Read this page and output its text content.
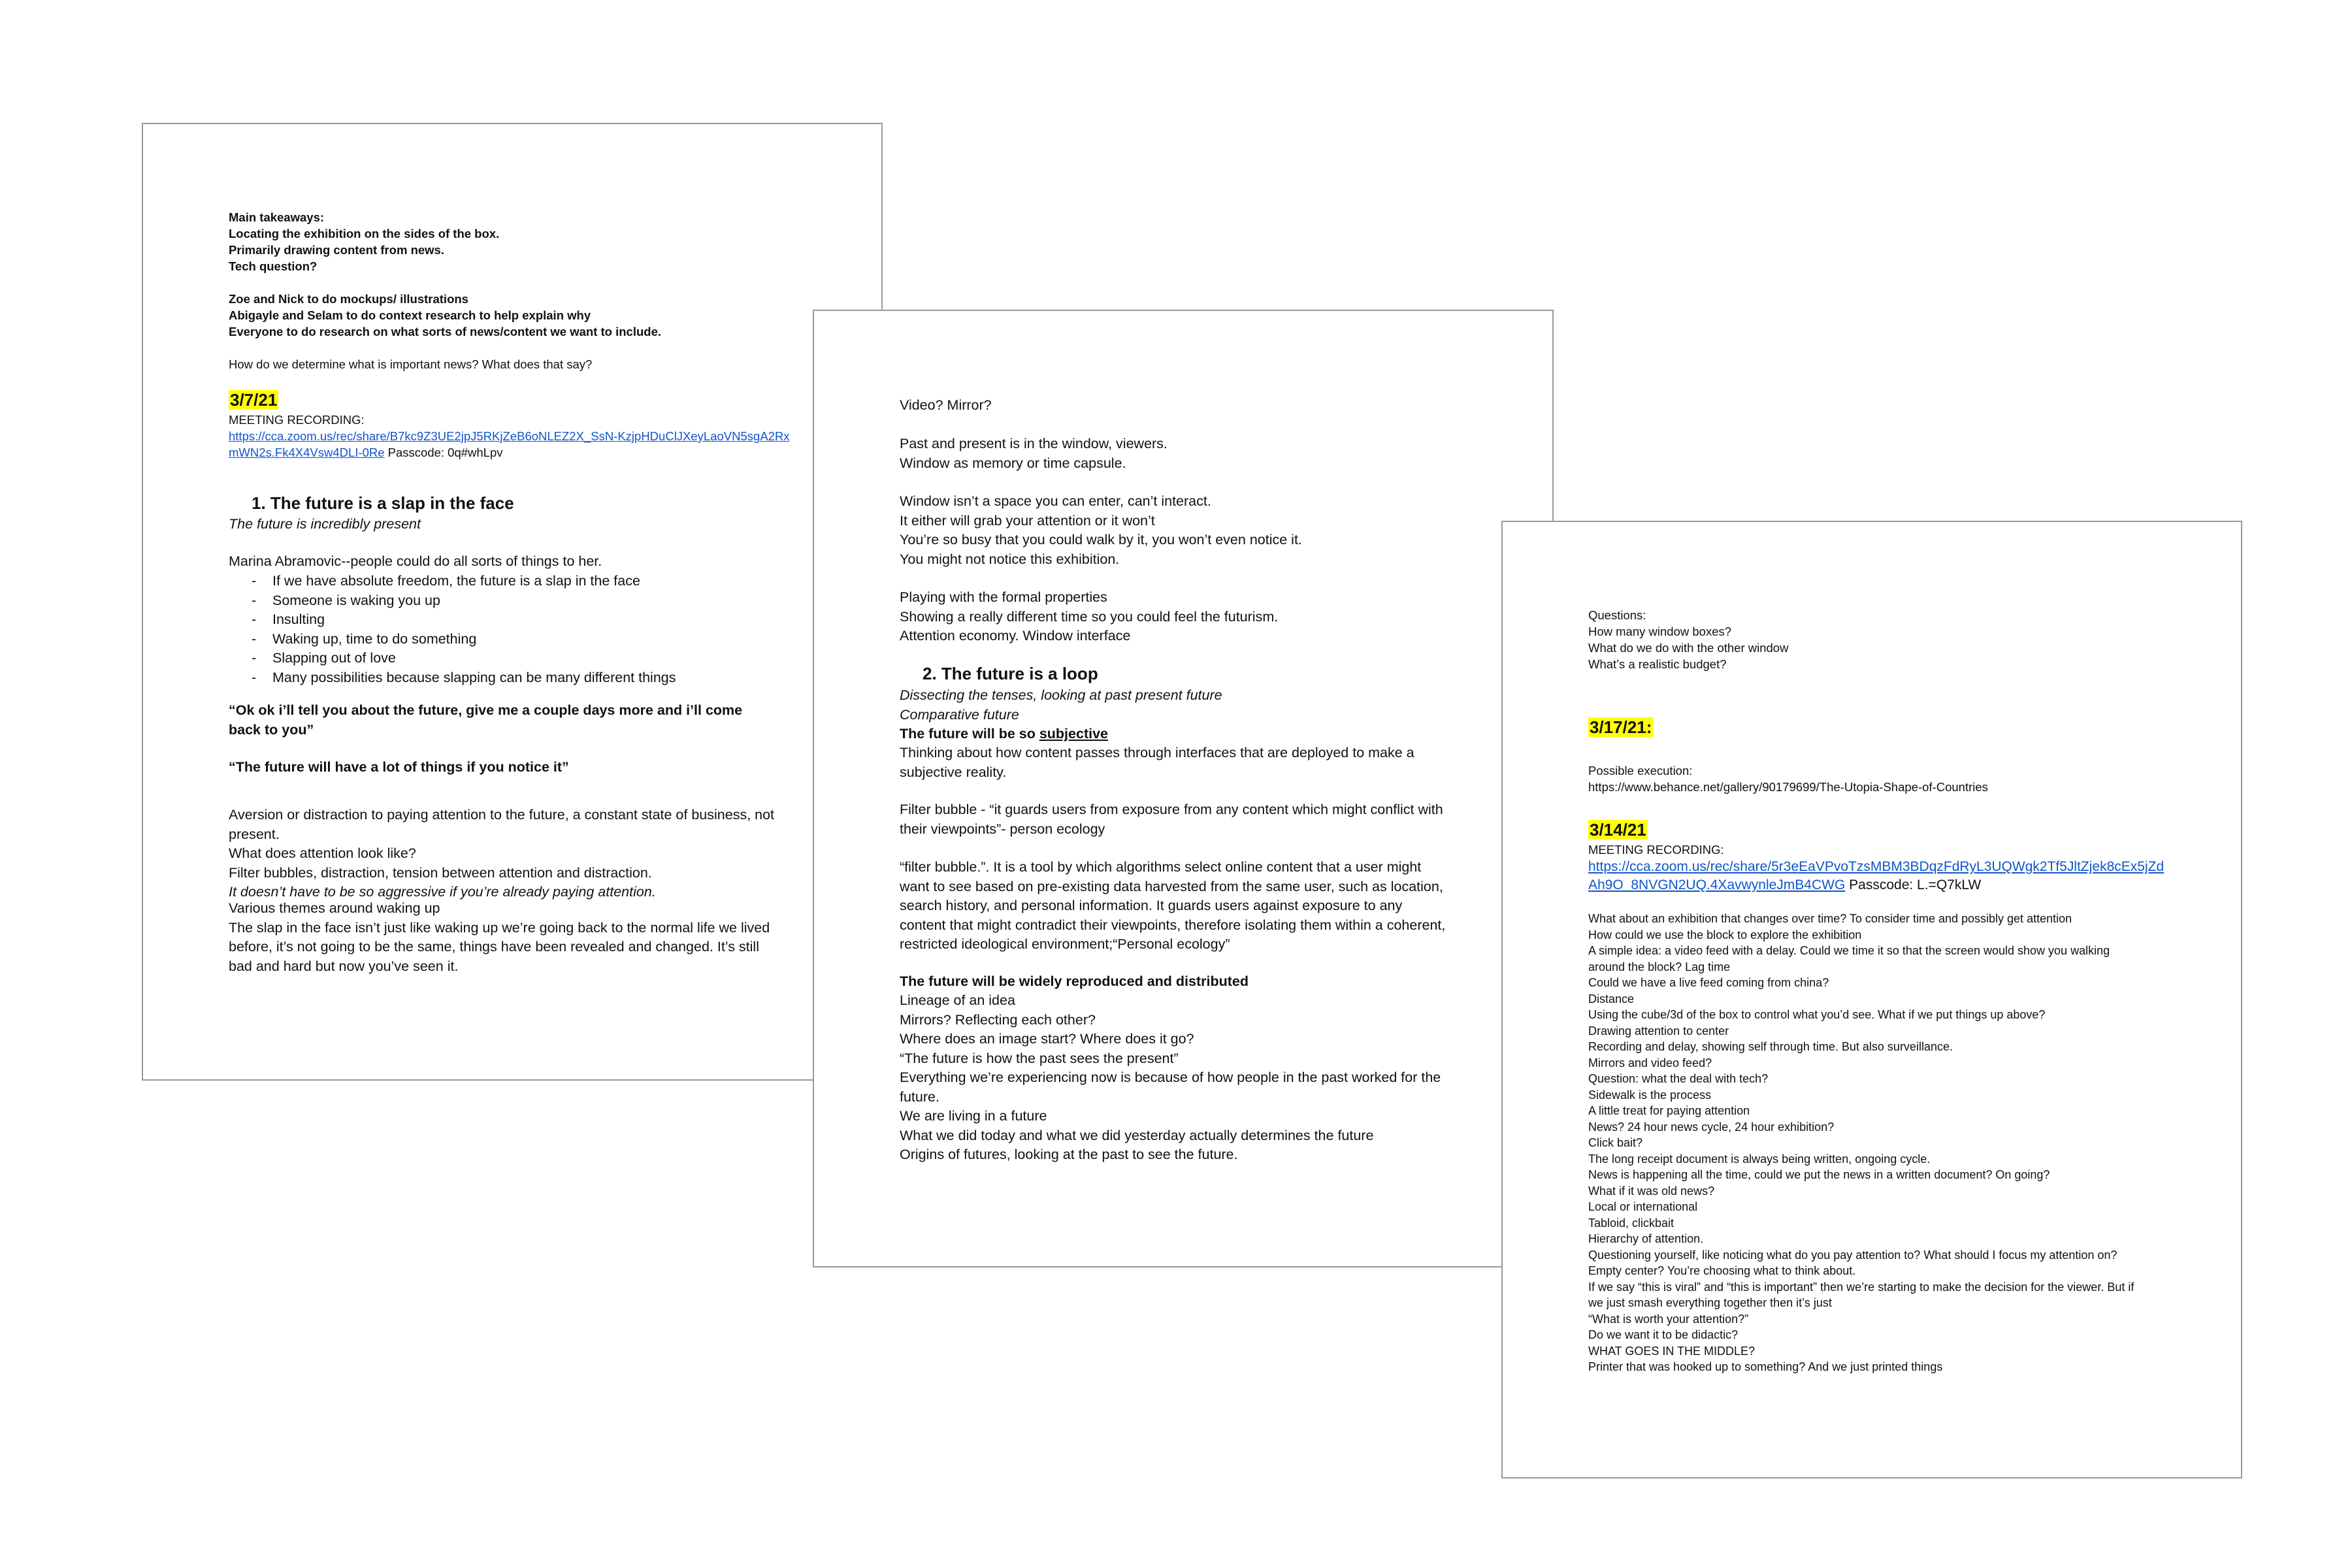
Main takeaways:
Locating the exhibition on the sides of the box.
Primarily drawing content from news.
Tech question?
Zoe and Nick to do mockups/ illustrations
Abigayle and Selam to do context research to help explain why
Everyone to do research on what sorts of news/content we want to include.
How do we determine what is important news? What does that say?
3/7/21
MEETING RECORDING:
https://cca.zoom.us/rec/share/B7kc9Z3UE2jpJ5RKjZeB6oNLEZ2X_SsN-KzjpHDuClJXeyLaoVN5sgA2Rx
mWN2s.Fk4X4Vsw4DLI-0Re Passcode: 0q#whLpv
1. The future is a slap in the face
The future is incredibly present
Marina Abramovic--people could do all sorts of things to her.
- If we have absolute freedom, the future is a slap in the face
- Someone is waking you up
- Insulting
- Waking up, time to do something
- Slapping out of love
- Many possibilities because slapping can be many different things
“Ok ok i’ll tell you about the future, give me a couple days more and i’ll come
back to you”
“The future will have a lot of things if you notice it”
Aversion or distraction to paying attention to the future, a constant state of business, not
present.
What does attention look like?
Filter bubbles, distraction, tension between attention and distraction.
It doesn’t have to be so aggressive if you’re already paying attention.
Various themes around waking up
The slap in the face isn’t just like waking up we’re going back to the normal life we lived
before, it’s not going to be the same, things have been revealed and changed. It’s still
bad and hard but now you’ve seen it.
Video? Mirror?
Past and present is in the window, viewers.
Window as memory or time capsule.
Window isn’t a space you can enter, can’t interact.
It either will grab your attention or it won’t
You’re so busy that you could walk by it, you won’t even notice it.
You might not notice this exhibition.
Playing with the formal properties
Showing a really different time so you could feel the futurism.
Attention economy. Window interface
2. The future is a loop
Dissecting the tenses, looking at past present future
Comparative future
The future will be so subjective
Thinking about how content passes through interfaces that are deployed to make a
subjective reality.
Filter bubble - “it guards users from exposure from any content which might conflict with
their viewpoints”- person ecology
“filter bubble.”. It is a tool by which algorithms select online content that a user might
want to see based on pre-existing data harvested from the same user, such as location,
search history, and personal information. It guards users against exposure to any
content that might contradict their viewpoints, therefore isolating them within a coherent,
restricted ideological environment;“Personal ecology”
The future will be widely reproduced and distributed
Lineage of an idea
Mirrors? Reflecting each other?
Where does an image start? Where does it go?
“The future is how the past sees the present”
Everything we’re experiencing now is because of how people in the past worked for the
future.
We are living in a future
What we did today and what we did yesterday actually determines the future
Origins of futures, looking at the past to see the future.
Questions:
How many window boxes?
What do we do with the other window
What’s a realistic budget?
3/17/21:
Possible execution:
https://www.behance.net/gallery/90179699/The-Utopia-Shape-of-Countries
3/14/21
MEETING RECORDING:
https://cca.zoom.us/rec/share/5r3eEaVPvoTzsMBM3BDqzFdRyL3UQWgk2Tf5JltZjek8cEx5jZd
Ah9O_8NVGN2UQ.4XavwynleJmB4CWG Passcode: L.=Q7kLW
What about an exhibition that changes over time? To consider time and possibly get attention
How could we use the block to explore the exhibition
A simple idea: a video feed with a delay. Could we time it so that the screen would show you walking
around the block? Lag time
Could we have a live feed coming from china?
Distance
Using the cube/3d of the box to control what you’d see. What if we put things up above?
Drawing attention to center
Recording and delay, showing self through time. But also surveillance.
Mirrors and video feed?
Question: what the deal with tech?
Sidewalk is the process
A little treat for paying attention
News? 24 hour news cycle, 24 hour exhibition?
Click bait?
The long receipt document is always being written, ongoing cycle.
News is happening all the time, could we put the news in a written document? On going?
What if it was old news?
Local or international
Tabloid, clickbait
Hierarchy of attention.
Questioning yourself, like noticing what do you pay attention to? What should I focus my attention on?
Empty center? You’re choosing what to think about.
If we say “this is viral” and “this is important” then we’re starting to make the decision for the viewer. But if
we just smash everything together then it’s just
“What is worth your attention?”
Do we want it to be didactic?
WHAT GOES IN THE MIDDLE?
Printer that was hooked up to something? And we just printed things
